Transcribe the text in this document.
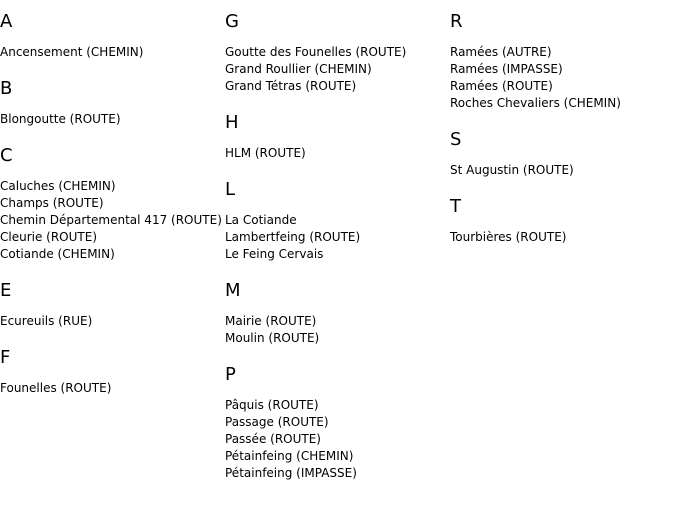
A
Ancensement (CHEMIN)
B
Blongoutte (ROUTE)
C
Caluches (CHEMIN)
Champs (ROUTE)
Chemin Départemental 417 (ROUTE)
Cleurie (ROUTE)
Cotiande (CHEMIN)
E
Ecureuils (RUE)
F
Founelles (ROUTE)
G
Goutte des Founelles (ROUTE)
Grand Roullier (CHEMIN)
Grand Tétras (ROUTE)
H
HLM (ROUTE)
L
La Cotiande
Lambertfeing (ROUTE)
Le Feing Cervais
M
Mairie (ROUTE)
Moulin (ROUTE)
P
Pâquis (ROUTE)
Passage (ROUTE)
Passée (ROUTE)
Pétainfeing (CHEMIN)
Pétainfeing (IMPASSE)
R
Ramées (AUTRE)
Ramées (IMPASSE)
Ramées (ROUTE)
Roches Chevaliers (CHEMIN)
S
St Augustin (ROUTE)
T
Tourbières (ROUTE)
